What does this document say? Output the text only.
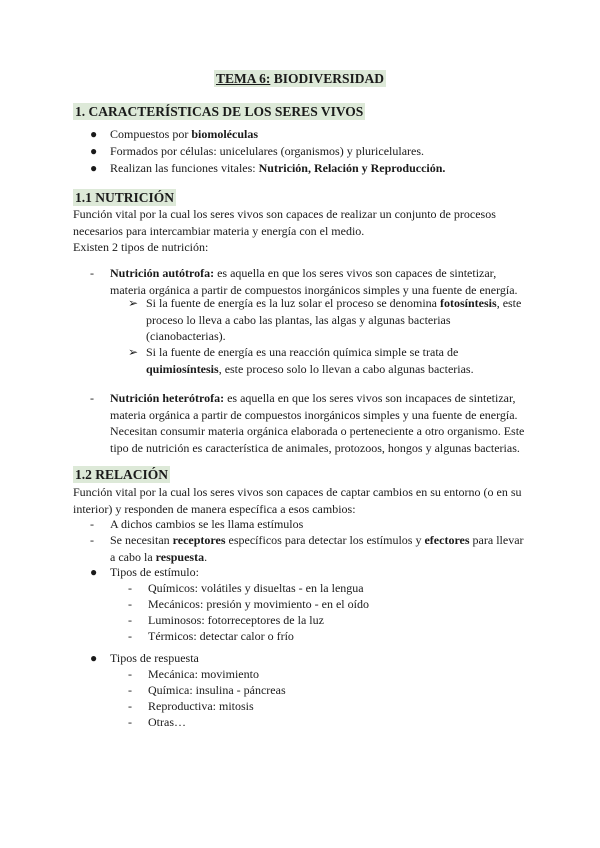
TEMA 6: BIODIVERSIDAD
1. CARACTERÍSTICAS DE LOS SERES VIVOS
● Compuestos por biomoléculas
● Formados por células: unicelulares (organismos) y pluricelulares.
● Realizan las funciones vitales: Nutrición, Relación y Reproducción.
1.1 NUTRICIÓN

Función vital por la cual los seres vivos son capaces de realizar un conjunto de procesos
necesarios para intercambiar materia y energía con el medio.
Existen 2 tipos de nutrición:

- Nutrición autótrofa: es aquella en que los seres vivos son capaces de sintetizar,
materia orgánica a partir de compuestos inorgánicos simples y una fuente de energía.
➢ Si la fuente de energía es la luz solar el proceso se denomina fotosíntesis, este
proceso lo lleva a cabo las plantas, las algas y algunas bacterias
(cianobacterias).
➢ Si la fuente de energía es una reacción química simple se trata de
quimiosíntesis, este proceso solo lo llevan a cabo algunas bacterias.
- Nutrición heterótrofa: es aquella en que los seres vivos son incapaces de sintetizar,
materia orgánica a partir de compuestos inorgánicos simples y una fuente de energía.
Necesitan consumir materia orgánica elaborada o perteneciente a otro organismo. Este
tipo de nutrición es característica de animales, protozoos, hongos y algunas bacterias.
1.2 RELACIÓN

Función vital por la cual los seres vivos son capaces de captar cambios en su entorno (o en su
interior) y responden de manera específica a esos cambios:

- A dichos cambios se les llama estímulos
- Se necesitan receptores específicos para detectar los estímulos y efectores para llevar
a cabo la respuesta.
● Tipos de estímulo:
- Químicos: volátiles y disueltas - en la lengua
- Mecánicos: presión y movimiento - en el oído
- Luminosos: fotorreceptores de la luz
- Térmicos: detectar calor o frío
● Tipos de respuesta
- Mecánica: movimiento
- Química: insulina - páncreas
- Reproductiva: mitosis
- Otras…
